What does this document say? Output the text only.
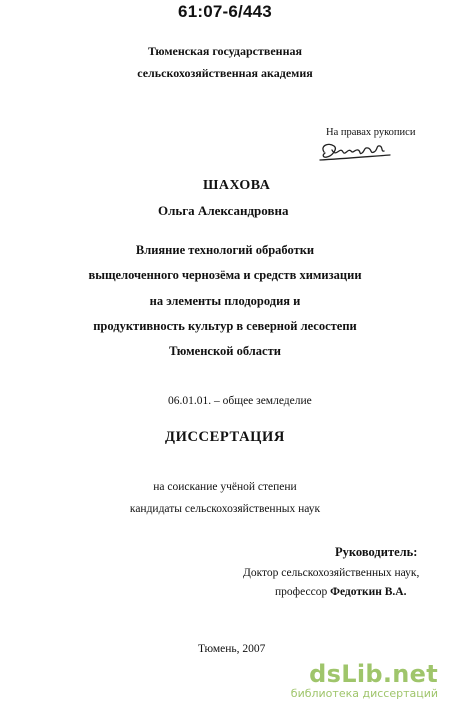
61:07-6/443
Тюменская государственная
сельскохозяйственная академия
На правах рукописи
ШАХОВА
Ольга Александровна
Влияние технологий обработки
выщелоченного чернозёма и средств химизации
на элементы плодородия и
продуктивность культур в северной лесостепи
Тюменской области
06.01.01. – общее земледелие
ДИССЕРТАЦИЯ
на соискание учёной степени
кандидаты сельскохозяйственных наук
Руководитель:
Доктор сельскохозяйственных наук,
профессор Федоткин В.А.
Тюмень, 2007
dsLib.net
библиотека диссертаций
